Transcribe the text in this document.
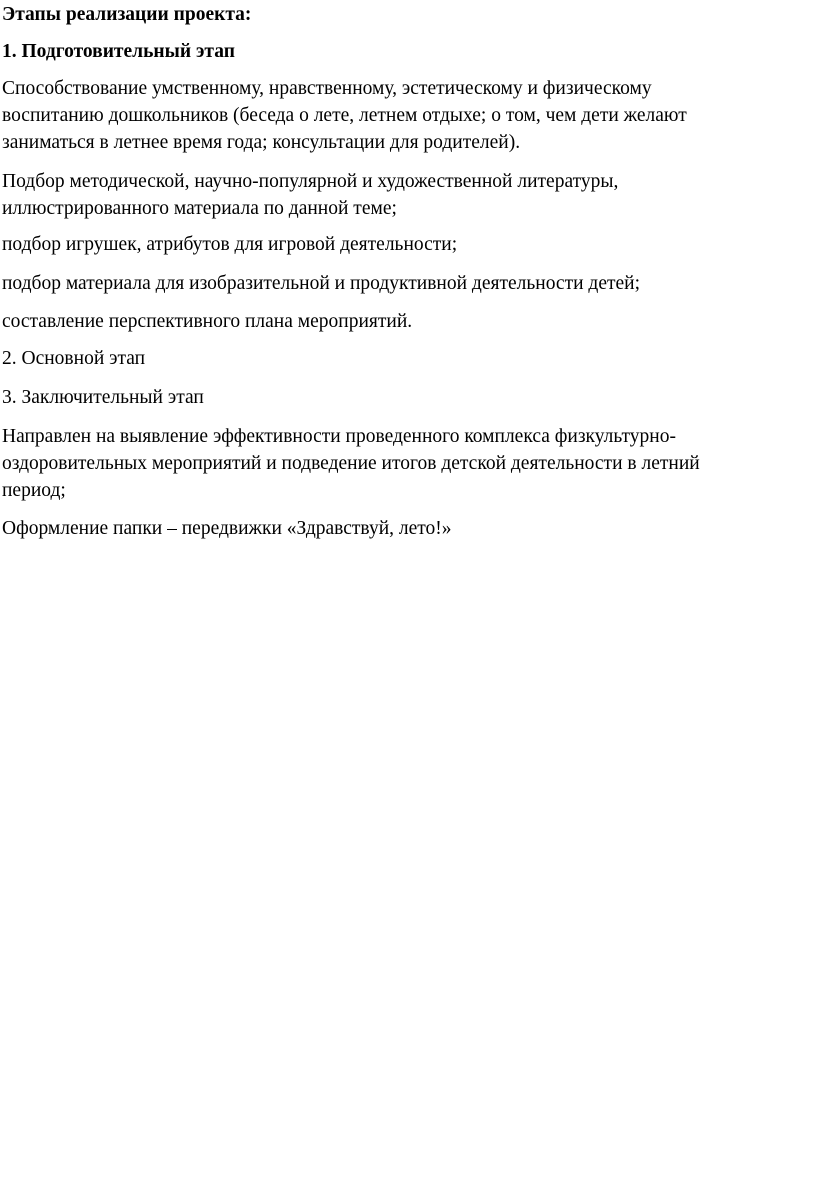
Этапы реализации проекта:
1. Подготовительный этап
Способствование умственному, нравственному, эстетическому и физическому
воспитанию дошкольников (беседа о лете, летнем отдыхе; о том, чем дети желают
заниматься в летнее время года; консультации для родителей).
Подбор методической, научно-популярной и художественной литературы,
иллюстрированного материала по данной теме;
подбор игрушек, атрибутов для игровой деятельности;
подбор материала для изобразительной и продуктивной деятельности детей;
составление перспективного плана мероприятий.
2. Основной этап
3. Заключительный этап
Направлен на выявление эффективности проведенного комплекса физкультурно-
оздоровительных мероприятий и подведение итогов детской деятельности в летний
период;
Оформление папки – передвижки «Здравствуй, лето!»
